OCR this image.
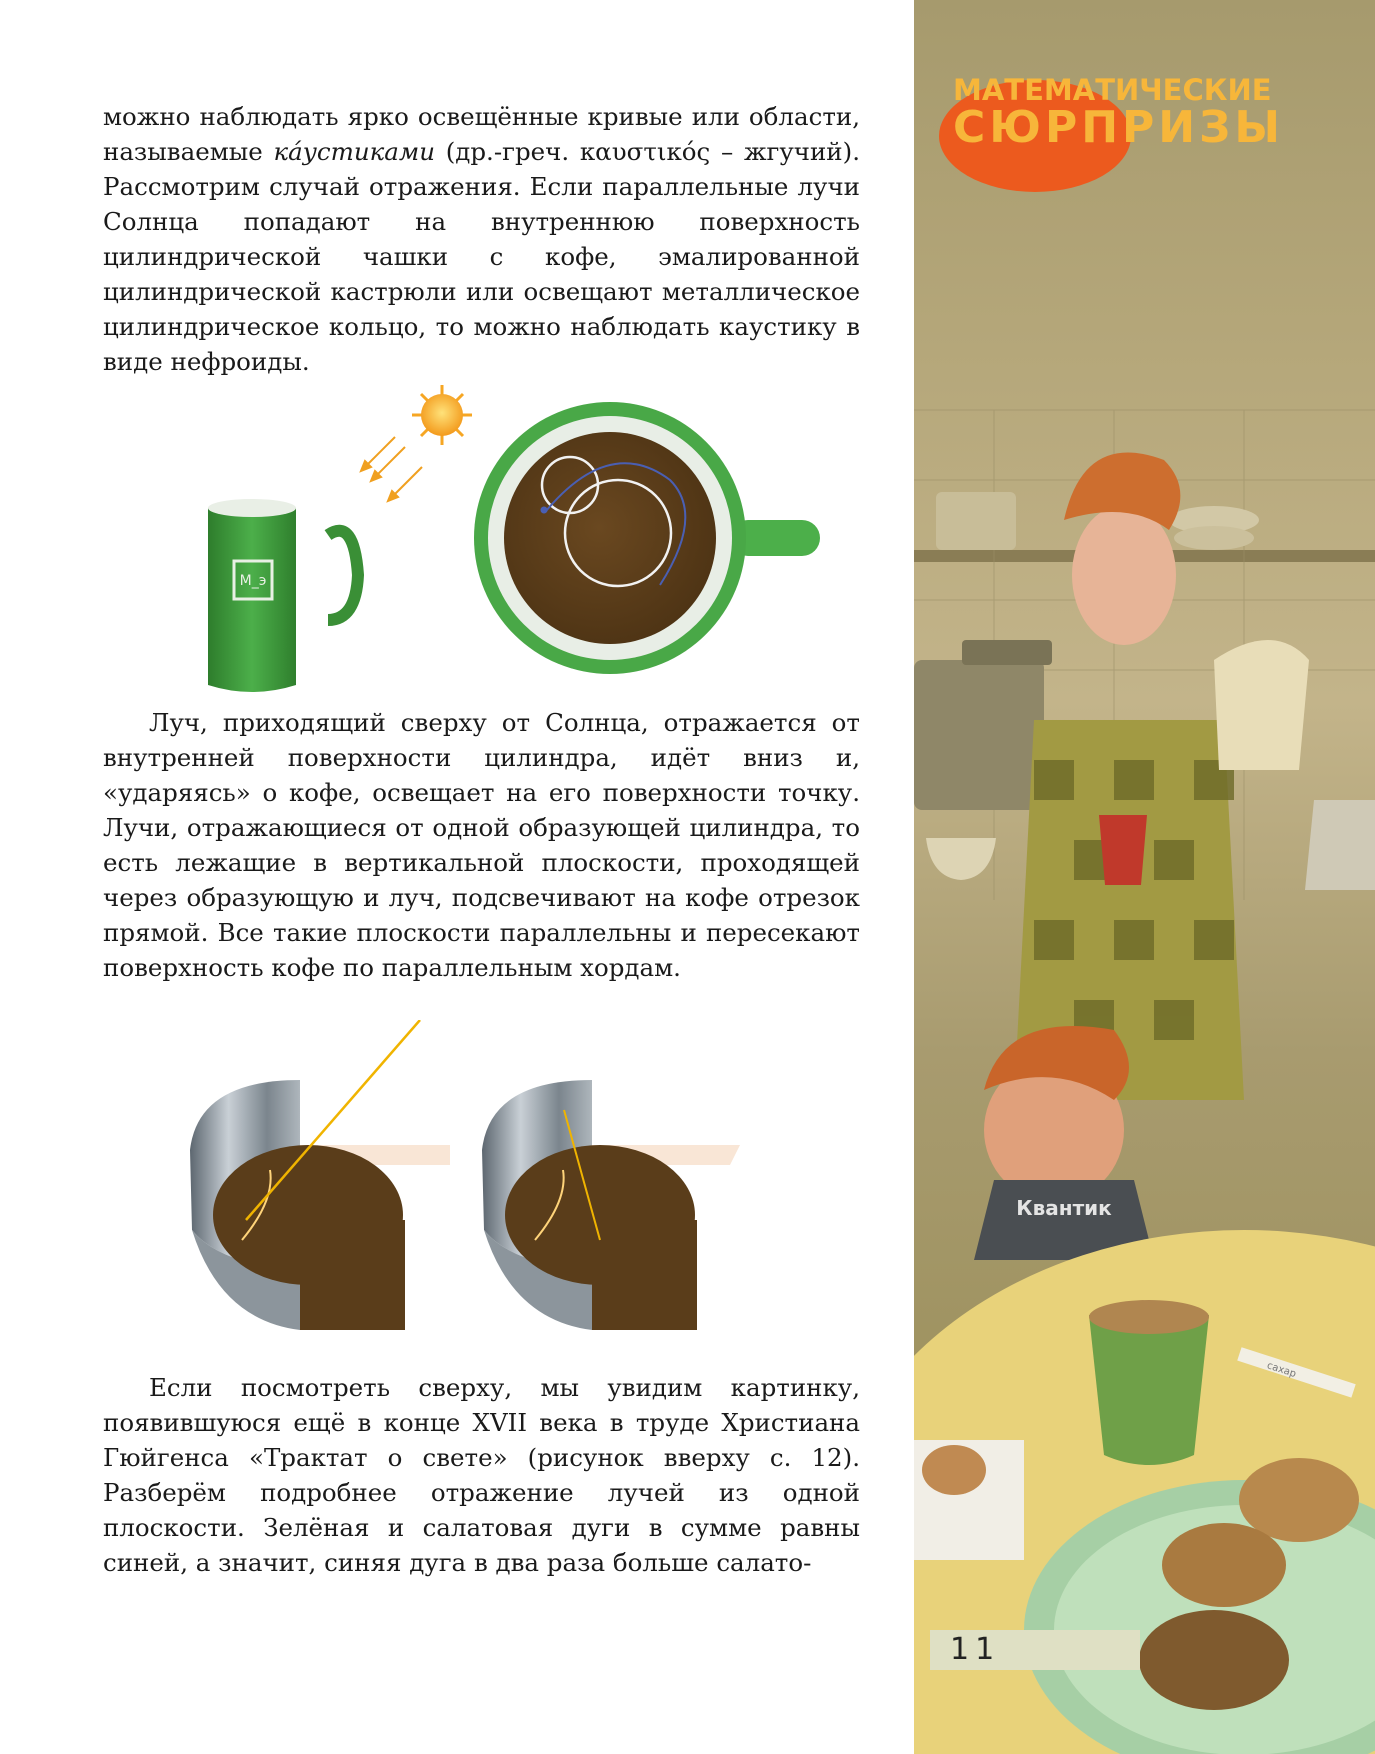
можно наблюдать ярко освещённые кривые или области, называемые ка́устиками (др.-греч. καυστικός – жгучий). Рассмотрим случай отражения. Если параллельные лучи Солнца попадают на внутреннюю поверхность цилиндрической чашки с кофе, эмалированной цилиндрической кастрюли или освещают металлическое цилиндрическое кольцо, то можно наблюдать каустику в виде нефроиды.

М_э

Луч, приходящий сверху от Солнца, отражается от внутренней поверхности цилиндра, идёт вниз и, «ударяясь» о кофе, освещает на его поверхности точку. Лучи, отражающиеся от одной образующей цилиндра, то есть лежащие в вертикальной плоскости, проходящей через образующую и луч, подсвечивают на кофе отрезок прямой. Все такие плоскости параллельны и пересекают поверхность кофе по параллельным хордам.

Если посмотреть сверху, мы увидим картинку, появившуюся ещё в конце XVII века в труде Христиана Гюйгенса «Трактат о свете» (рисунок вверху с. 12). Разберём подробнее отражение лучей из одной плоскости. Зелёная и салатовая дуги в сумме равны синей, а значит, синяя дуга в два раза больше салато-

Квантик
caxap
МАТЕМАТИЧЕСКИЕ
СЮРПРИЗЫ
11
